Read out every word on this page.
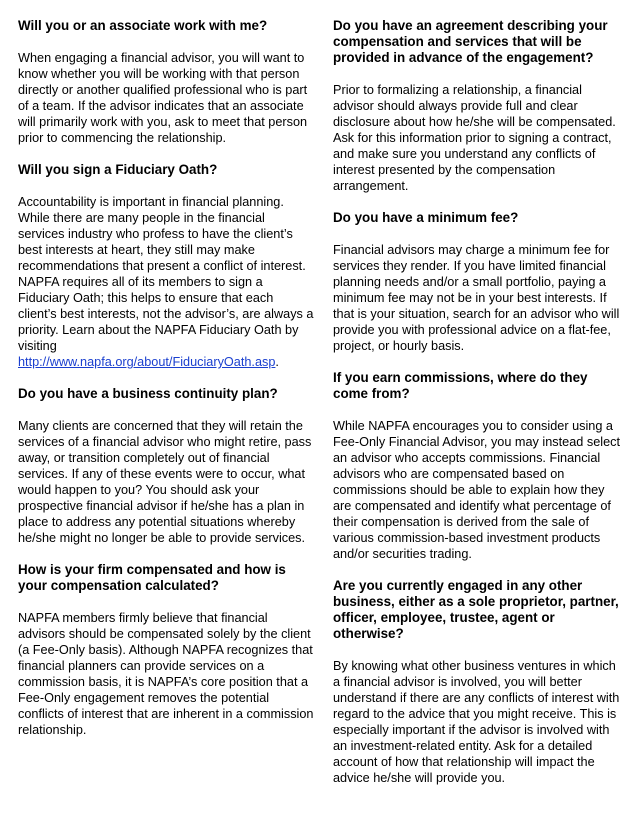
Will you or an associate work with me?

When engaging a financial advisor, you will want to know whether you will be working with that person directly or another qualified professional who is part of a team. If the advisor indicates that an associate will primarily work with you, ask to meet that person prior to commencing the relationship.

Will you sign a Fiduciary Oath?

Accountability is important in financial planning. While there are many people in the financial services industry who profess to have the client’s best interests at heart, they still may make recommendations that present a conflict of interest. NAPFA requires all of its members to sign a Fiduciary Oath; this helps to ensure that each client’s best interests, not the advisor’s, are always a priority. Learn about the NAPFA Fiduciary Oath by visiting http://www.napfa.org/about/FiduciaryOath.asp.

Do you have a business continuity plan?

Many clients are concerned that they will retain the services of a financial advisor who might retire, pass away, or transition completely out of financial services. If any of these events were to occur, what would happen to you? You should ask your prospective financial advisor if he/she has a plan in place to address any potential situations whereby he/she might no longer be able to provide services.

How is your firm compensated and how is your compensation calculated?

NAPFA members firmly believe that financial advisors should be compensated solely by the client (a Fee-Only basis). Although NAPFA recognizes that financial planners can provide services on a commission basis, it is NAPFA’s core position that a Fee-Only engagement removes the potential conflicts of interest that are inherent in a commission relationship.

Do you have an agreement describing your compensation and services that will be provided in advance of the engagement?

Prior to formalizing a relationship, a financial advisor should always provide full and clear disclosure about how he/she will be compensated. Ask for this information prior to signing a contract, and make sure you understand any conflicts of interest presented by the compensation arrangement.

Do you have a minimum fee?

Financial advisors may charge a minimum fee for services they render. If you have limited financial planning needs and/or a small portfolio, paying a minimum fee may not be in your best interests. If that is your situation, search for an advisor who will provide you with professional advice on a flat-fee, project, or hourly basis.

If you earn commissions, where do they come from?

While NAPFA encourages you to consider using a Fee-Only Financial Advisor, you may instead select an advisor who accepts commissions. Financial advisors who are compensated based on commissions should be able to explain how they are compensated and identify what percentage of their compensation is derived from the sale of various commission-based investment products and/or securities trading.

Are you currently engaged in any other business, either as a sole proprietor, partner, officer, employee, trustee, agent or otherwise?

By knowing what other business ventures in which a financial advisor is involved, you will better understand if there are any conflicts of interest with regard to the advice that you might receive. This is especially important if the advisor is involved with an investment-related entity. Ask for a detailed account of how that relationship will impact the advice he/she will provide you.
